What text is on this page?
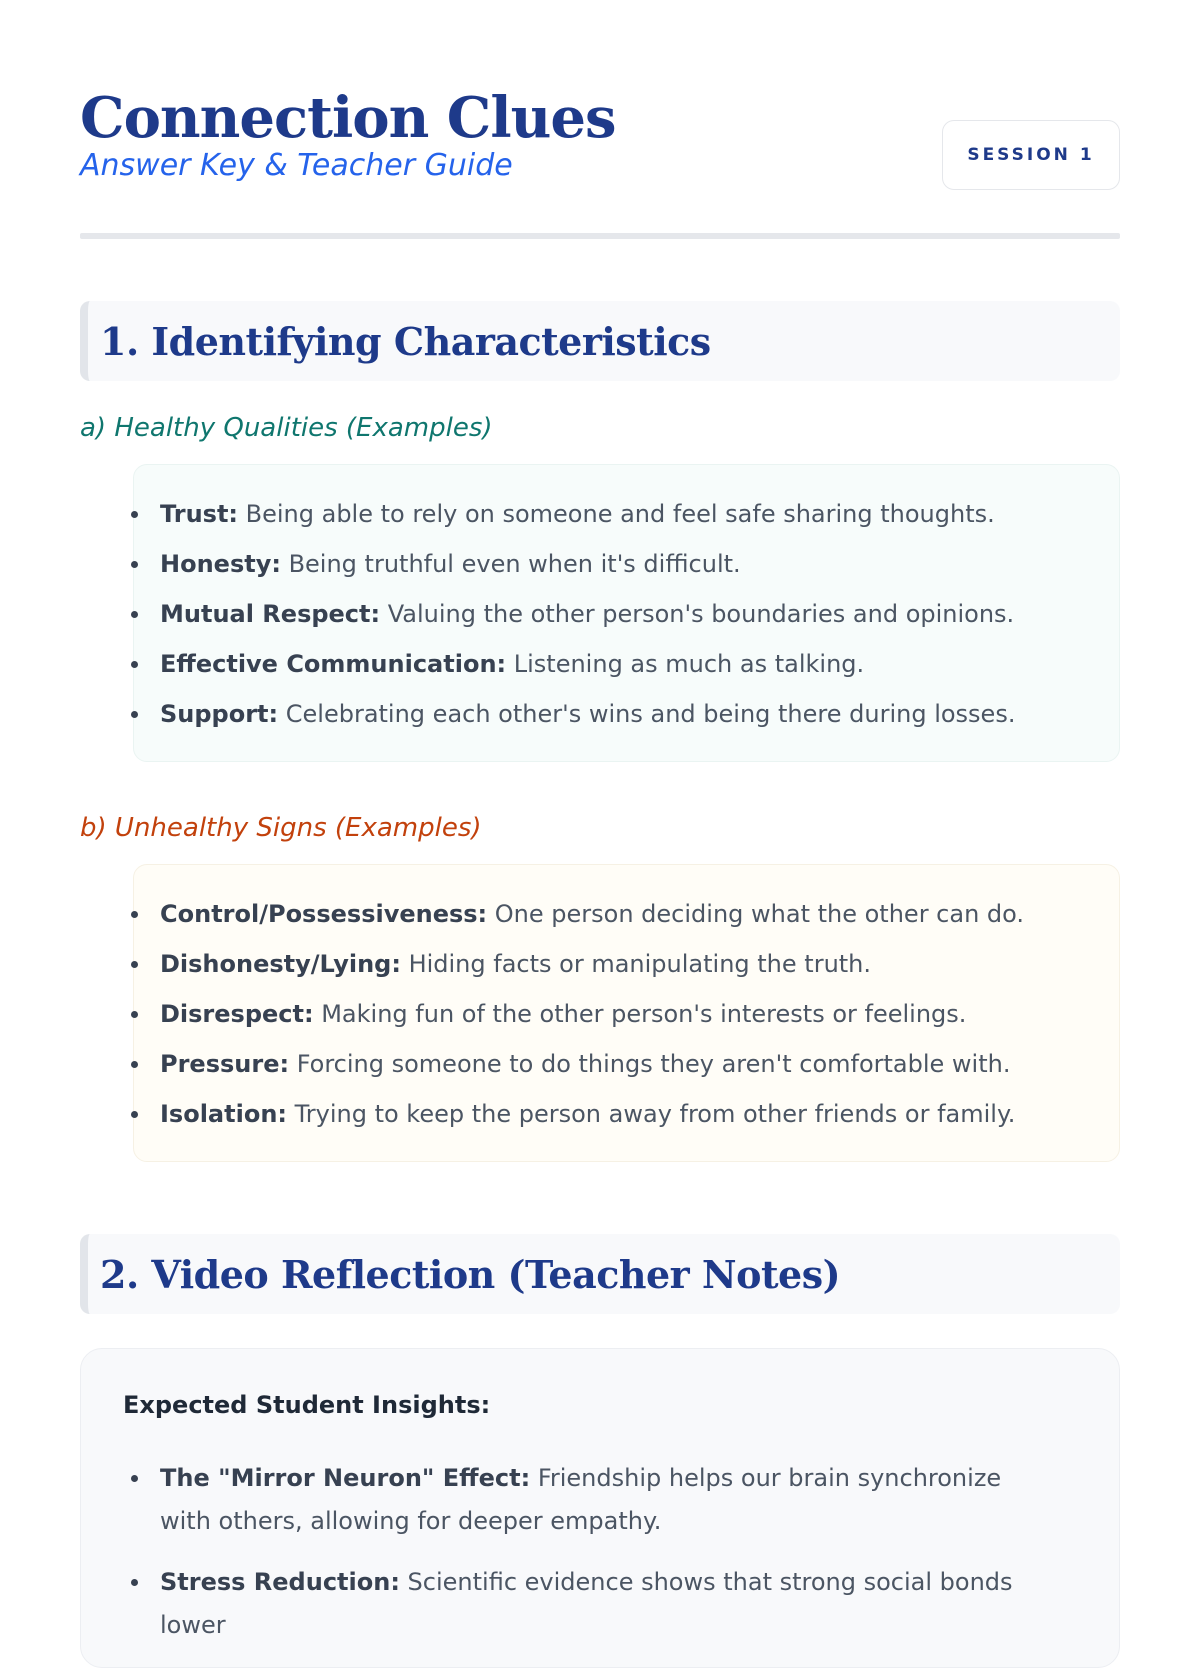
Connection Clues
Answer Key & Teacher Guide	SESSION 1
1. Identifying Characteristics
a) Healthy Qualities (Examples)
Trust: Being able to rely on someone and feel safe sharing thoughts.
Honesty: Being truthful even when it's difficult.
Mutual Respect: Valuing the other person's boundaries and opinions.
Effective Communication: Listening as much as talking.
Support: Celebrating each other's wins and being there during losses.
b) Unhealthy Signs (Examples)
Control/Possessiveness: One person deciding what the other can do.
Dishonesty/Lying: Hiding facts or manipulating the truth.
Disrespect: Making fun of the other person's interests or feelings.
Pressure: Forcing someone to do things they aren't comfortable with.
Isolation: Trying to keep the person away from other friends or family.
2. Video Reflection (Teacher Notes)
Expected Student Insights:
The "Mirror Neuron" Effect: Friendship helps our brain synchronize with others, allowing for deeper empathy.
Stress Reduction: Scientific evidence shows that strong social bonds lower
